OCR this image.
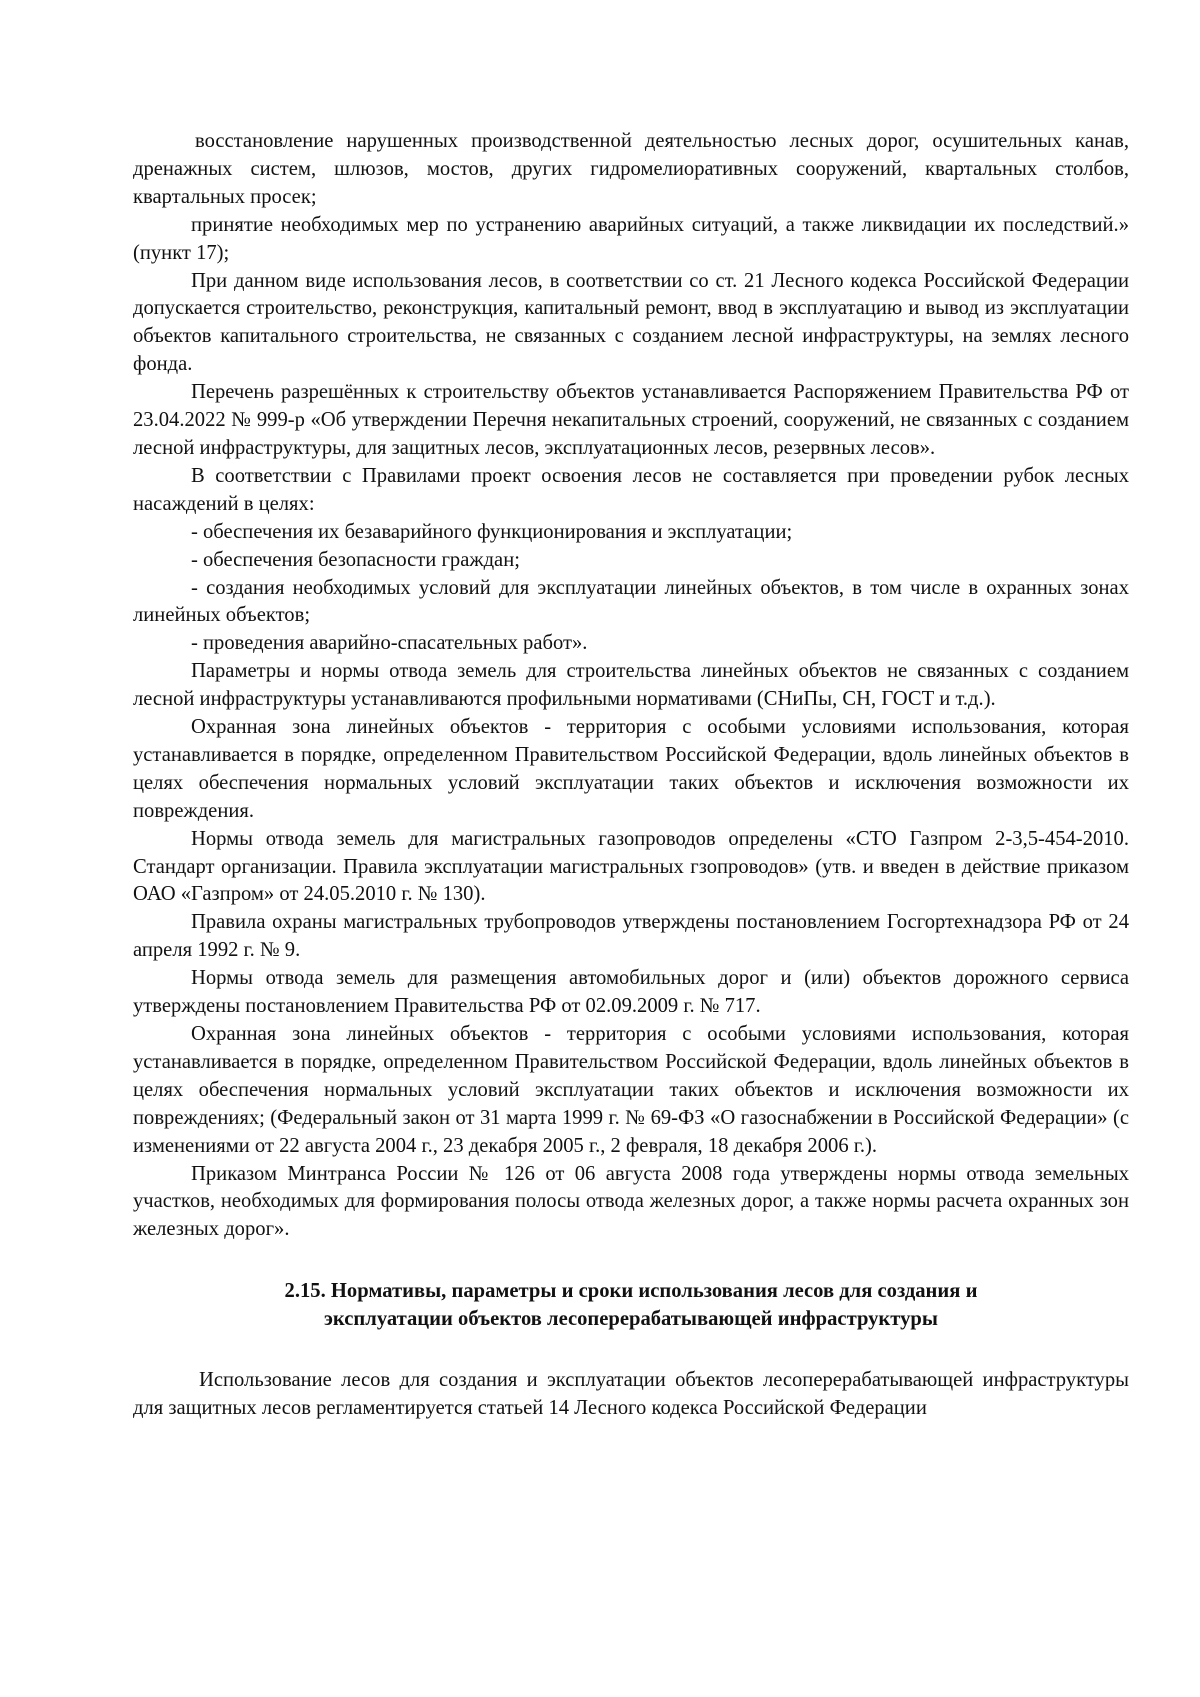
восстановление нарушенных производственной деятельностью лесных дорог, осушительных канав, дренажных систем, шлюзов, мостов, других гидромелиоративных сооружений, квартальных столбов, квартальных просек;

принятие необходимых мер по устранению аварийных ситуаций, а также ликвидации их последствий.» (пункт 17);

При данном виде использования лесов, в соответствии со ст. 21 Лесного кодекса Российской Федерации допускается строительство, реконструкция, капитальный ремонт, ввод в эксплуатацию и вывод из эксплуатации объектов капитального строительства, не связанных с созданием лесной инфраструктуры, на землях лесного фонда.

Перечень разрешённых к строительству объектов устанавливается Распоряжением Правительства РФ от 23.04.2022 № 999-р «Об утверждении Перечня некапитальных строений, сооружений, не связанных с созданием лесной инфраструктуры, для защитных лесов, эксплуатационных лесов, резервных лесов».

В соответствии с Правилами проект освоения лесов не составляется при проведении рубок лесных насаждений в целях:

- обеспечения их безаварийного функционирования и эксплуатации;

- обеспечения безопасности граждан;

- создания необходимых условий для эксплуатации линейных объектов, в том числе в охранных зонах линейных объектов;

- проведения аварийно-спасательных работ».

Параметры и нормы отвода земель для строительства линейных объектов не связанных с созданием лесной инфраструктуры устанавливаются профильными нормативами (СНиПы, СН, ГОСТ и т.д.).

Охранная зона линейных объектов - территория с особыми условиями использования, которая устанавливается в порядке, определенном Правительством Российской Федерации, вдоль линейных объектов в целях обеспечения нормальных условий эксплуатации таких объектов и исключения возможности их повреждения.

Нормы отвода земель для магистральных газопроводов определены «СТО Газпром 2-3,5-454-2010. Стандарт организации. Правила эксплуатации магистральных гзопроводов» (утв. и введен в действие приказом ОАО «Газпром» от 24.05.2010 г. № 130).

Правила охраны магистральных трубопроводов утверждены постановлением Госгортехнадзора РФ от 24 апреля 1992 г. № 9.

Нормы отвода земель для размещения автомобильных дорог и (или) объектов дорожного сервиса утверждены постановлением Правительства РФ от 02.09.2009 г. № 717.

Охранная зона линейных объектов - территория с особыми условиями использования, которая устанавливается в порядке, определенном Правительством Российской Федерации, вдоль линейных объектов в целях обеспечения нормальных условий эксплуатации таких объектов и исключения возможности их повреждениях; (Федеральный закон от 31 марта 1999 г. № 69-ФЗ «О газоснабжении в Российской Федерации» (с изменениями от 22 августа 2004 г., 23 декабря 2005 г., 2 февраля, 18 декабря 2006 г.).

Приказом Минтранса России № 126 от 06 августа 2008 года утверждены нормы отвода земельных участков, необходимых для формирования полосы отвода железных дорог, а также нормы расчета охранных зон железных дорог».

2.15. Нормативы, параметры и сроки использования лесов для создания и эксплуатации объектов лесоперерабатывающей инфраструктуры

Использование лесов для создания и эксплуатации объектов лесоперерабатывающей инфраструктуры для защитных лесов регламентируется статьей 14 Лесного кодекса Российской Федерации
